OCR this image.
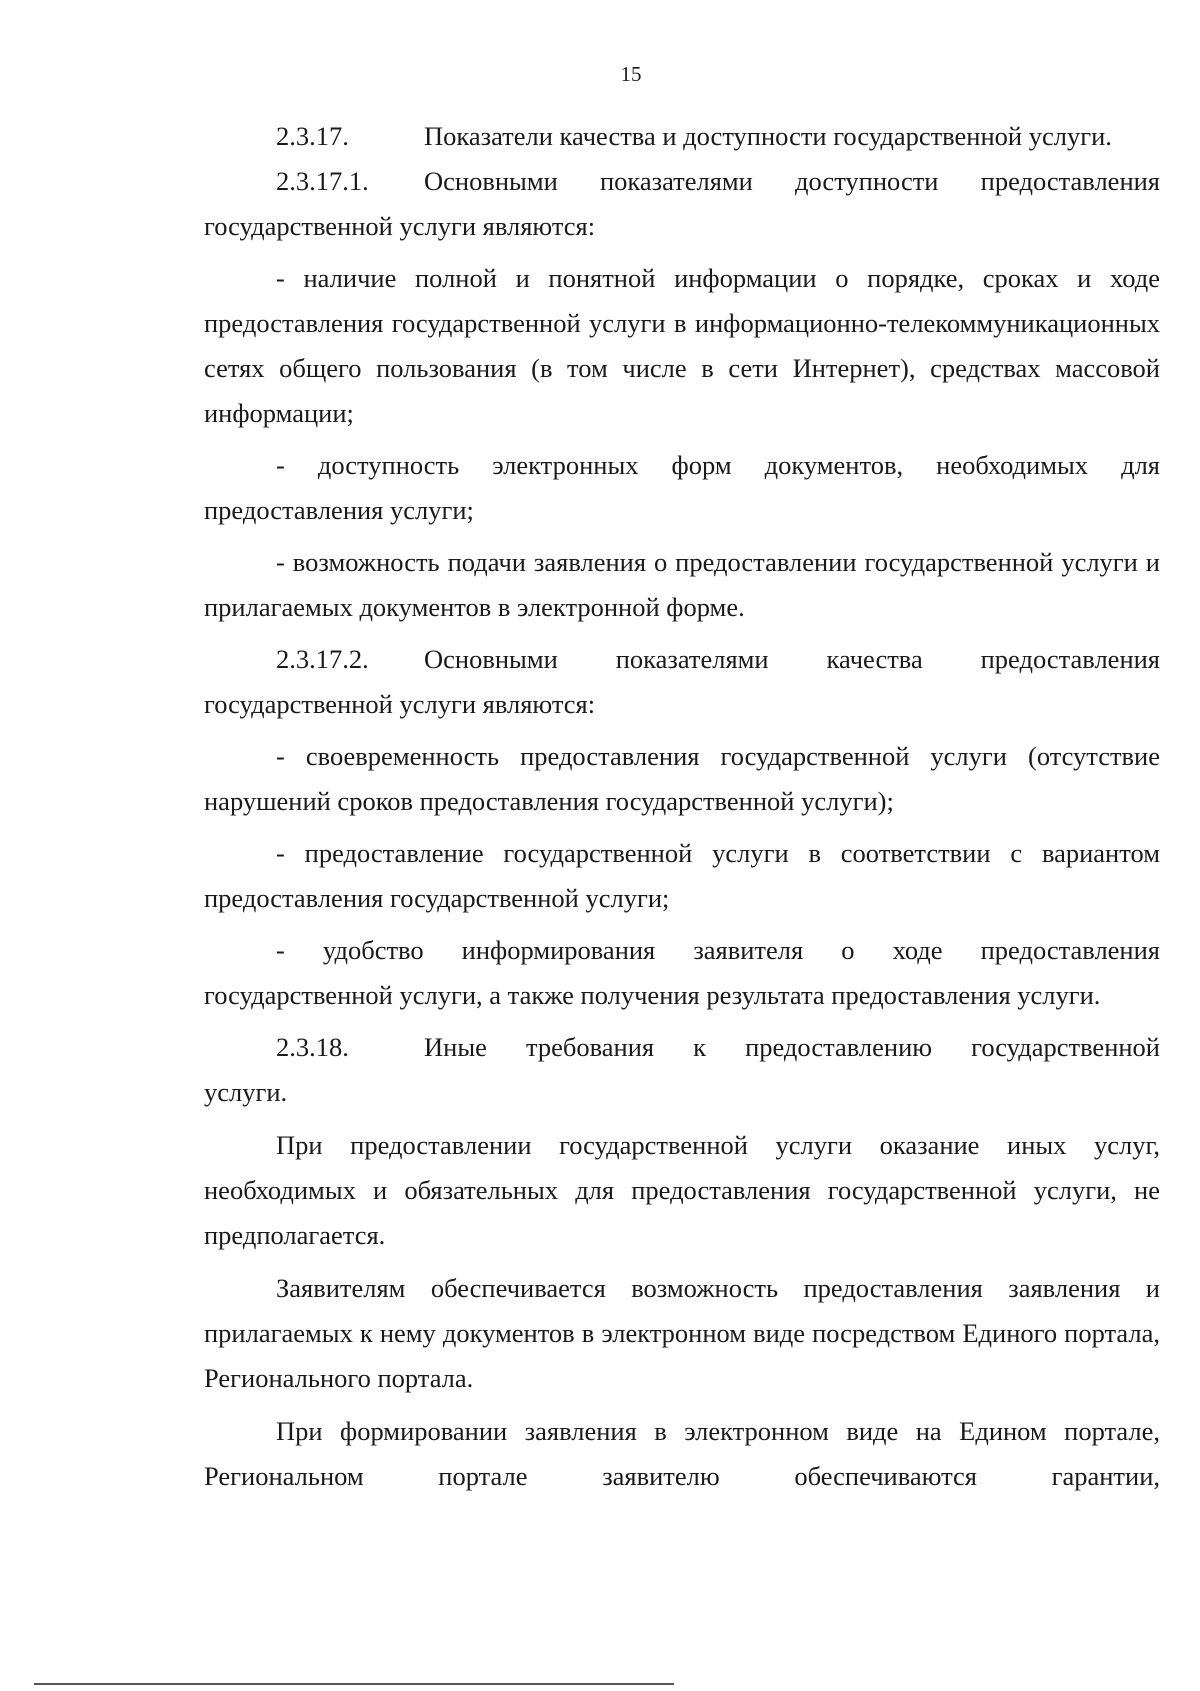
15
2.3.17.	Показатели качества и доступности государственной услуги.
2.3.17.1.	Основными показателями доступности предоставления

государственной услуги являются:

- наличие полной и понятной информации о порядке, сроках и ходе предоставления государственной услуги в информационно-телекоммуникационных сетях общего пользования (в том числе в сети Интернет), средствах массовой информации;

- доступность электронных форм документов, необходимых для предоставления услуги;

- возможность подачи заявления о предоставлении государственной услуги и прилагаемых документов в электронной форме.

2.3.17.2.	Основными показателями качества предоставления

государственной услуги являются:

- своевременность предоставления государственной услуги (отсутствие нарушений сроков предоставления государственной услуги);

- предоставление государственной услуги в соответствии с вариантом предоставления государственной услуги;

- удобство информирования заявителя о ходе предоставления государственной услуги, а также получения результата предоставления услуги.

2.3.18.	Иные требования к предоставлению государственной

услуги.

При предоставлении государственной услуги оказание иных услуг, необходимых и обязательных для предоставления государственной услуги, не предполагается.

Заявителям обеспечивается возможность предоставления заявления и прилагаемых к нему документов в электронном виде посредством Единого портала, Регионального портала.

При формировании заявления в электронном виде на Едином портале, Региональном портале заявителю обеспечиваются гарантии,
